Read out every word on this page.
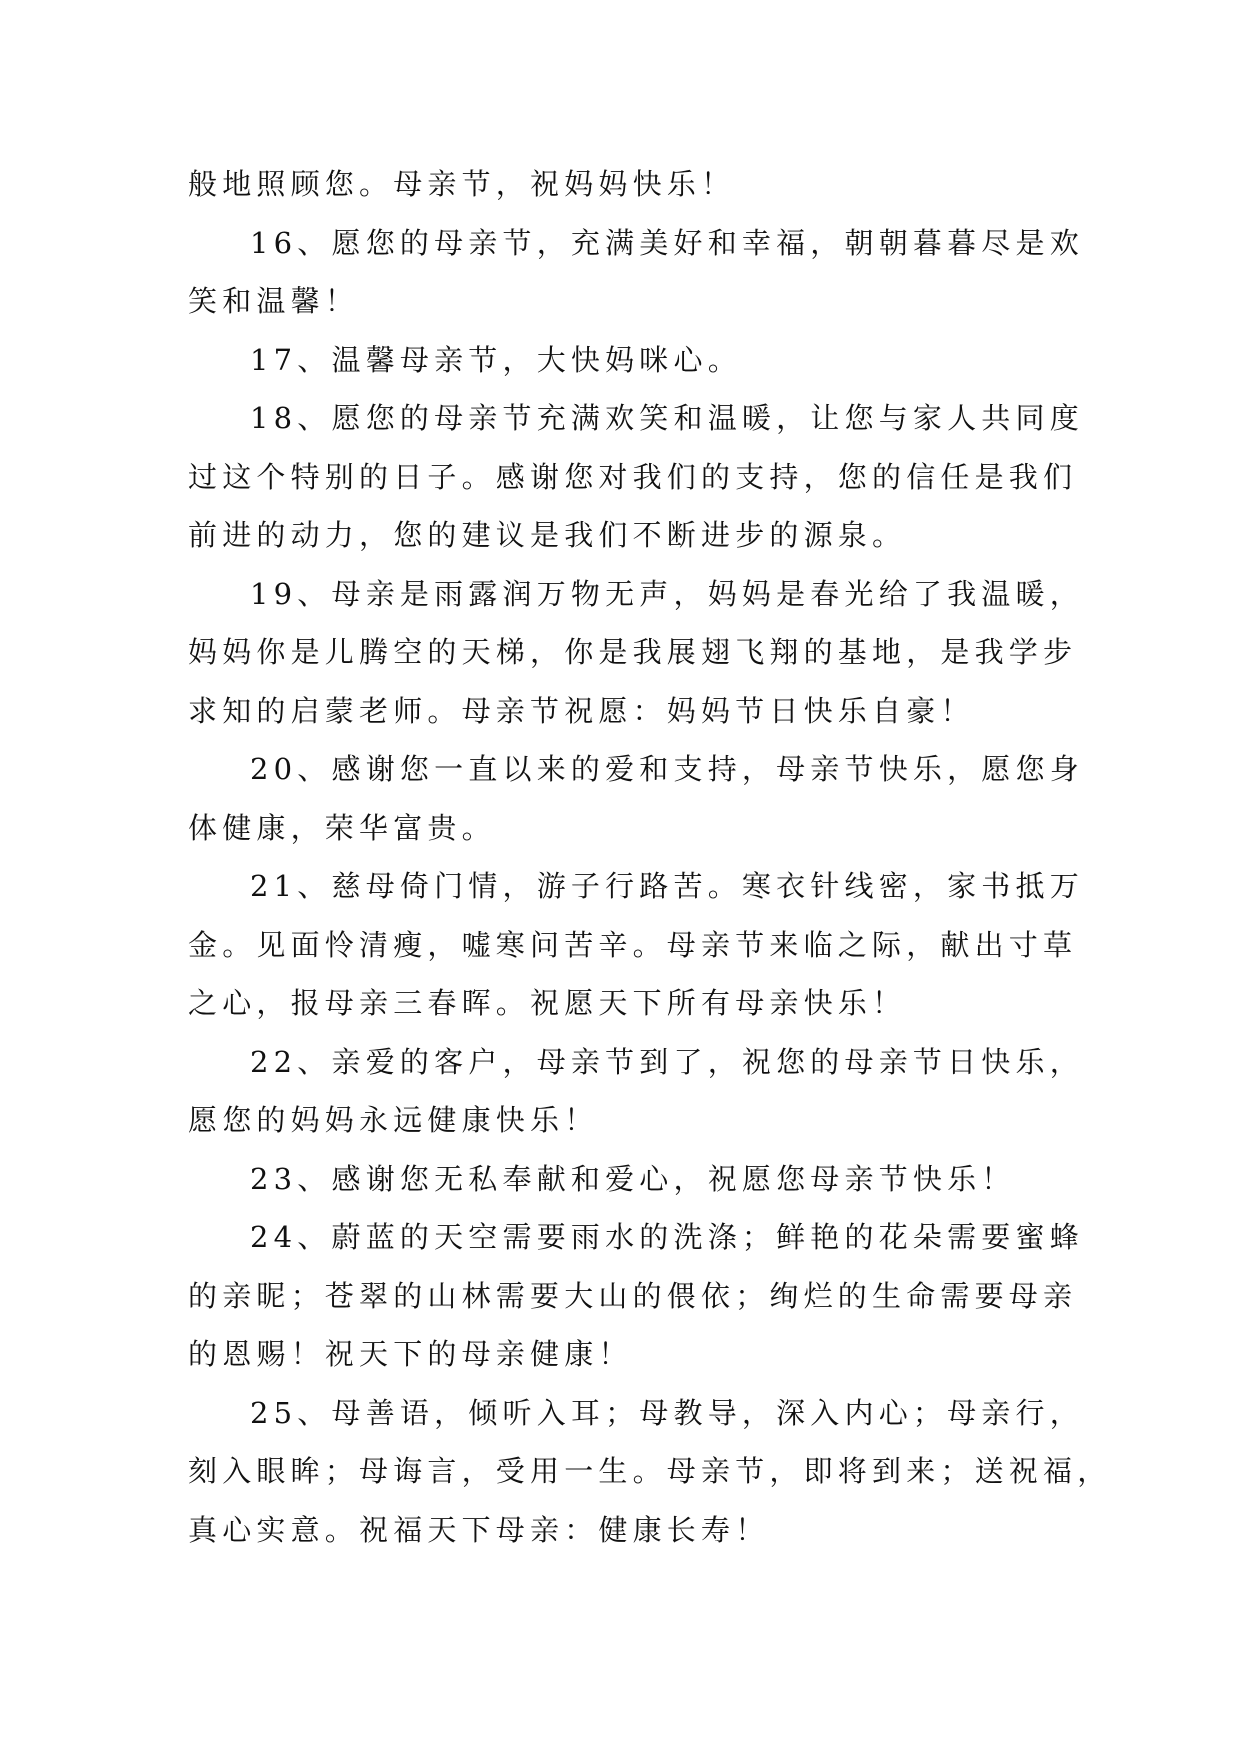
般地照顾您。母亲节，祝妈妈快乐！
16、愿您的母亲节，充满美好和幸福，朝朝暮暮尽是欢
笑和温馨！
17、温馨母亲节，大快妈咪心。
18、愿您的母亲节充满欢笑和温暖，让您与家人共同度
过这个特别的日子。感谢您对我们的支持，您的信任是我们
前进的动力，您的建议是我们不断进步的源泉。
19、母亲是雨露润万物无声，妈妈是春光给了我温暖，
妈妈你是儿腾空的天梯，你是我展翅飞翔的基地，是我学步
求知的启蒙老师。母亲节祝愿：妈妈节日快乐自豪！
20、感谢您一直以来的爱和支持，母亲节快乐，愿您身
体健康，荣华富贵。
21、慈母倚门情，游子行路苦。寒衣针线密，家书抵万
金。见面怜清瘦，嘘寒问苦辛。母亲节来临之际，献出寸草
之心，报母亲三春晖。祝愿天下所有母亲快乐！
22、亲爱的客户，母亲节到了，祝您的母亲节日快乐，
愿您的妈妈永远健康快乐！
23、感谢您无私奉献和爱心，祝愿您母亲节快乐！
24、蔚蓝的天空需要雨水的洗涤；鲜艳的花朵需要蜜蜂
的亲昵；苍翠的山林需要大山的偎依；绚烂的生命需要母亲
的恩赐！祝天下的母亲健康！
25、母善语，倾听入耳；母教导，深入内心；母亲行，
刻入眼眸；母诲言，受用一生。母亲节，即将到来；送祝福，
真心实意。祝福天下母亲：健康长寿！
